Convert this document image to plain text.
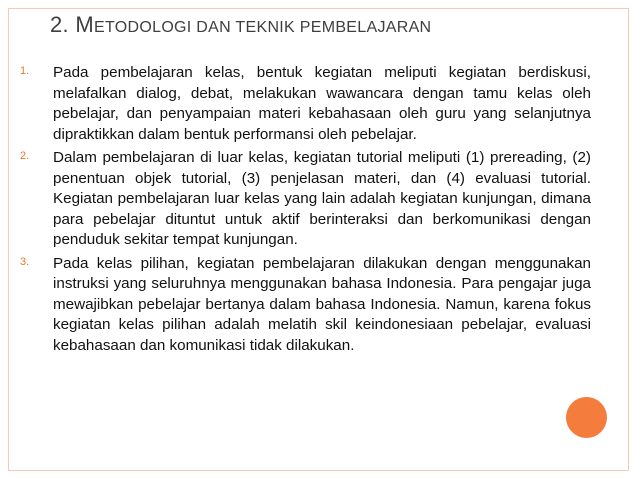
2. METODOLOGI DAN TEKNIK PEMBELAJARAN
1. Pada pembelajaran kelas, bentuk kegiatan meliputi kegiatan berdiskusi, melafalkan dialog, debat, melakukan wawancara dengan tamu kelas oleh pebelajar, dan penyampaian materi kebahasaan oleh guru yang selanjutnya dipraktikkan dalam bentuk performansi oleh pebelajar.
2. Dalam pembelajaran di luar kelas, kegiatan tutorial meliputi (1) prereading, (2) penentuan objek tutorial, (3) penjelasan materi, dan (4) evaluasi tutorial. Kegiatan pembelajaran luar kelas yang lain adalah kegiatan kunjungan, dimana para pebelajar dituntut untuk aktif berinteraksi dan berkomunikasi dengan penduduk sekitar tempat kunjungan.
3. Pada kelas pilihan, kegiatan pembelajaran dilakukan dengan menggunakan instruksi yang seluruhnya menggunakan bahasa Indonesia. Para pengajar juga mewajibkan pebelajar bertanya dalam bahasa Indonesia. Namun, karena fokus kegiatan kelas pilihan adalah melatih skil keindonesiaan pebelajar, evaluasi kebahasaan dan komunikasi tidak dilakukan.
